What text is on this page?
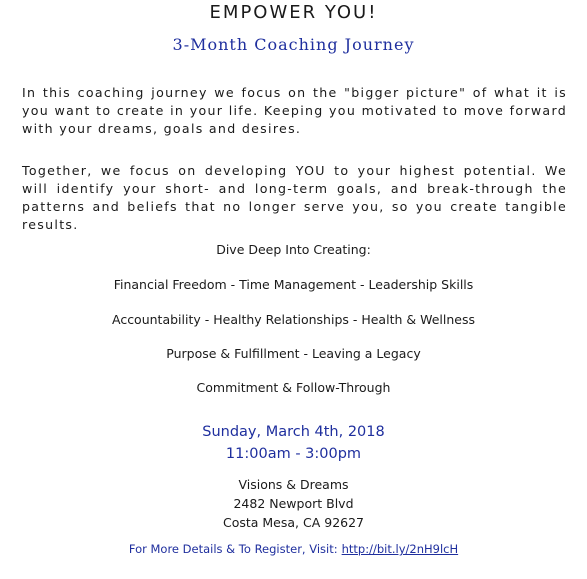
EMPOWER YOU!
3-Month Coaching Journey
In this coaching journey we focus on the "bigger picture" of what it is you want to create in your life. Keeping you motivated to move forward with your dreams, goals and desires.
Together, we focus on developing YOU to your highest potential. We will identify your short- and long-term goals, and break-through the patterns and beliefs that no longer serve you, so you create tangible results.
Dive Deep Into Creating:
Financial Freedom - Time Management - Leadership Skills
Accountability - Healthy Relationships - Health & Wellness
Purpose & Fulfillment - Leaving a Legacy
Commitment & Follow-Through
Sunday, March 4th, 2018
11:00am - 3:00pm
Visions & Dreams
2482 Newport Blvd
Costa Mesa, CA 92627
For More Details & To Register, Visit: http://bit.ly/2nH9lcH
